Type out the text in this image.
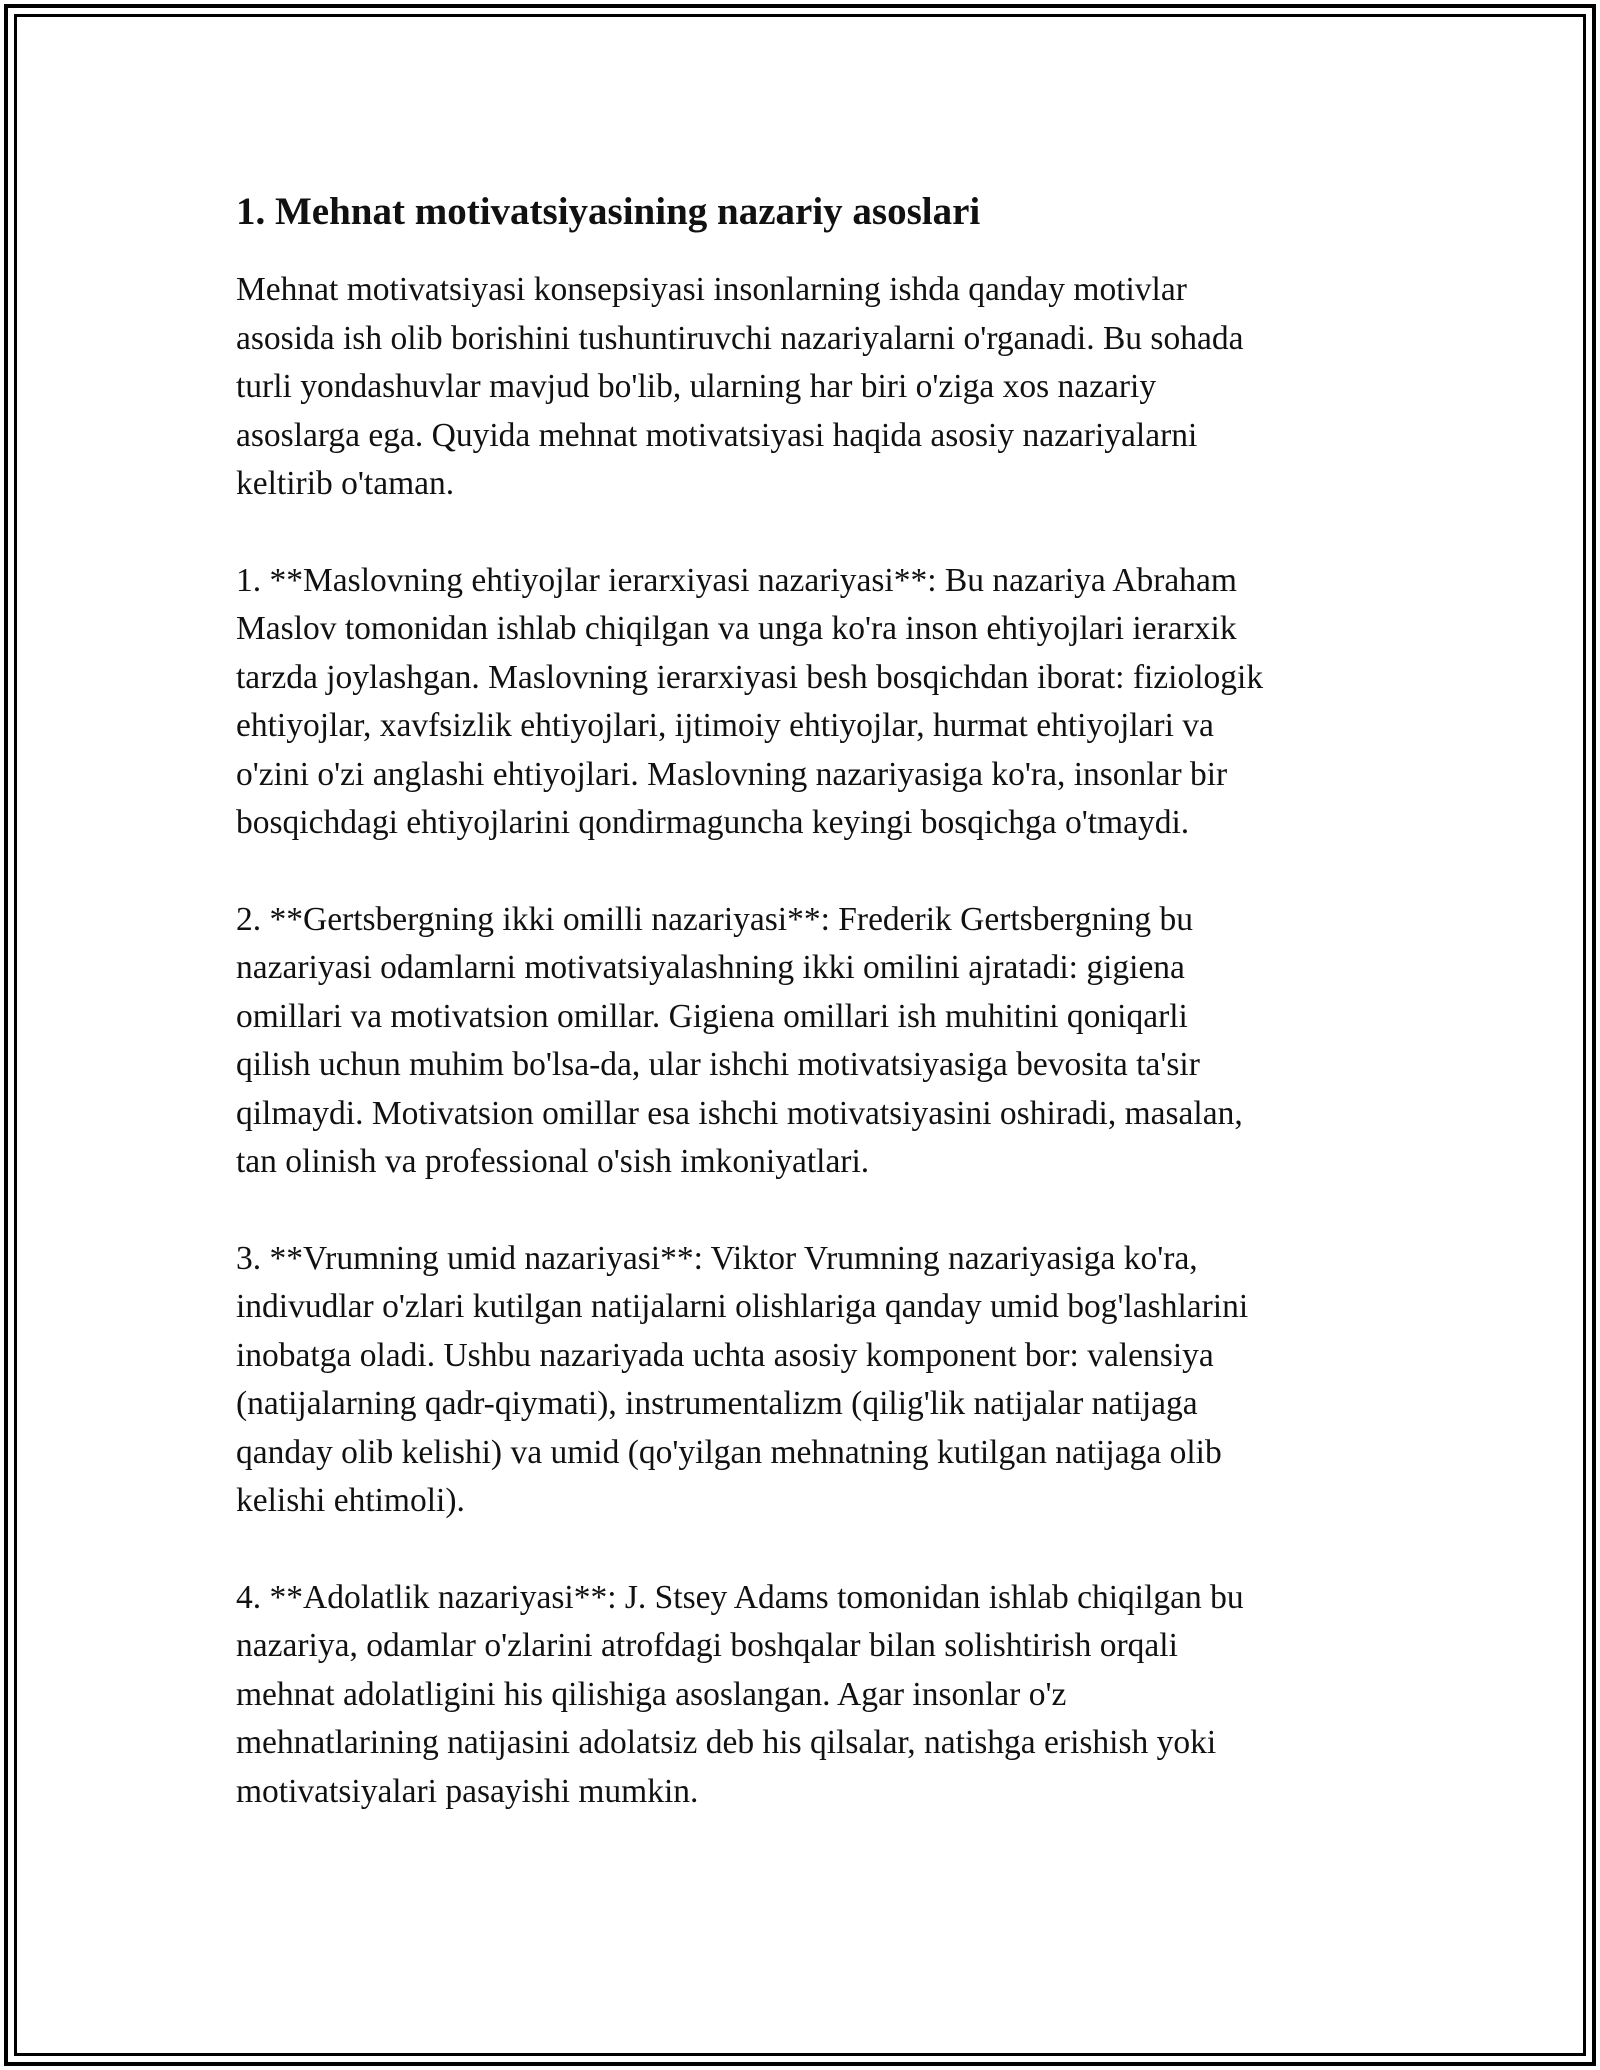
1. Mehnat motivatsiyasining nazariy asoslari

Mehnat motivatsiyasi konsepsiyasi insonlarning ishda qanday motivlar
asosida ish olib borishini tushuntiruvchi nazariyalarni o'rganadi. Bu sohada
turli yondashuvlar mavjud bo'lib, ularning har biri o'ziga xos nazariy
asoslarga ega. Quyida mehnat motivatsiyasi haqida asosiy nazariyalarni
keltirib o'taman.

1. **Maslovning ehtiyojlar ierarxiyasi nazariyasi**: Bu nazariya Abraham
Maslov tomonidan ishlab chiqilgan va unga ko'ra inson ehtiyojlari ierarxik
tarzda joylashgan. Maslovning ierarxiyasi besh bosqichdan iborat: fiziologik
ehtiyojlar, xavfsizlik ehtiyojlari, ijtimoiy ehtiyojlar, hurmat ehtiyojlari va
o'zini o'zi anglashi ehtiyojlari. Maslovning nazariyasiga ko'ra, insonlar bir
bosqichdagi ehtiyojlarini qondirmaguncha keyingi bosqichga o'tmaydi.

2. **Gertsbergning ikki omilli nazariyasi**: Frederik Gertsbergning bu
nazariyasi odamlarni motivatsiyalashning ikki omilini ajratadi: gigiena
omillari va motivatsion omillar. Gigiena omillari ish muhitini qoniqarli
qilish uchun muhim bo'lsa-da, ular ishchi motivatsiyasiga bevosita ta'sir
qilmaydi. Motivatsion omillar esa ishchi motivatsiyasini oshiradi, masalan,
tan olinish va professional o'sish imkoniyatlari.

3. **Vrumning umid nazariyasi**: Viktor Vrumning nazariyasiga ko'ra,
indivudlar o'zlari kutilgan natijalarni olishlariga qanday umid bog'lashlarini
inobatga oladi. Ushbu nazariyada uchta asosiy komponent bor: valensiya
(natijalarning qadr-qiymati), instrumentalizm (qilig'lik natijalar natijaga
qanday olib kelishi) va umid (qo'yilgan mehnatning kutilgan natijaga olib
kelishi ehtimoli).

4. **Adolatlik nazariyasi**: J. Stsey Adams tomonidan ishlab chiqilgan bu
nazariya, odamlar o'zlarini atrofdagi boshqalar bilan solishtirish orqali
mehnat adolatligini his qilishiga asoslangan. Agar insonlar o'z
mehnatlarining natijasini adolatsiz deb his qilsalar, natishga erishish yoki
motivatsiyalari pasayishi mumkin.
